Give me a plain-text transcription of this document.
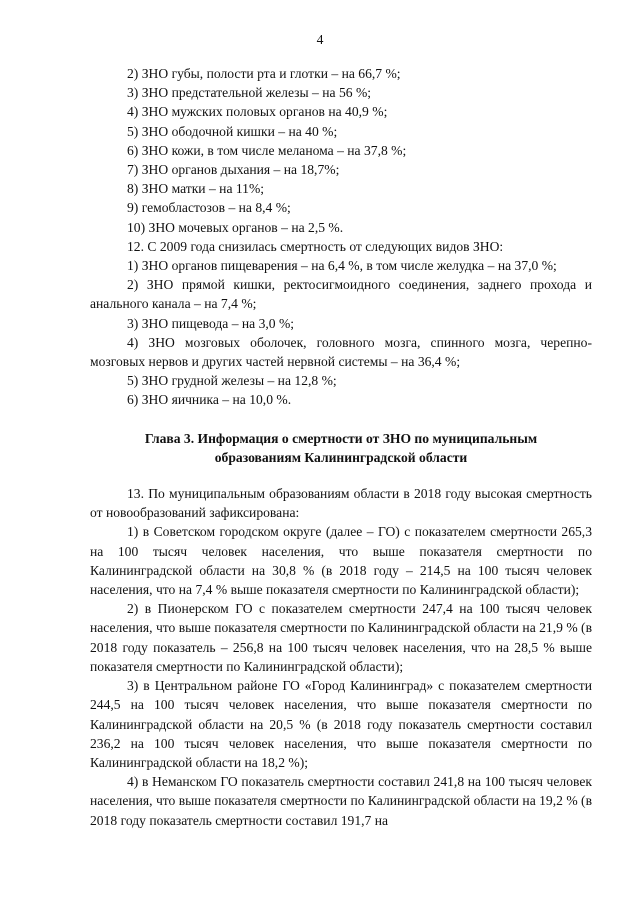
4

2) ЗНО губы, полости рта и глотки – на 66,7 %;

3) ЗНО предстательной железы – на 56 %;

4) ЗНО мужских половых органов на 40,9 %;

5) ЗНО ободочной кишки – на 40 %;

6) ЗНО кожи, в том числе меланома – на 37,8 %;

7) ЗНО органов дыхания – на 18,7%;

8) ЗНО матки – на 11%;

9) гемобластозов – на 8,4 %;

10) ЗНО мочевых органов – на 2,5 %.

12. С 2009 года снизилась смертность от следующих видов ЗНО:

1) ЗНО органов пищеварения – на 6,4 %, в том числе желудка – на 37,0 %;

2) ЗНО прямой кишки, ректосигмоидного соединения, заднего прохода и анального канала – на 7,4 %;

3) ЗНО пищевода – на 3,0 %;

4) ЗНО мозговых оболочек, головного мозга, спинного мозга, черепно-мозговых нервов и других частей нервной системы – на 36,4 %;

5) ЗНО грудной железы – на 12,8 %;

6) ЗНО яичника – на 10,0 %.

Глава 3. Информация о смертности от ЗНО по муниципальным образованиям Калининградской области

13. По муниципальным образованиям области в 2018 году высокая смертность от новообразований зафиксирована:

1) в Советском городском округе (далее – ГО) с показателем смертности 265,3 на 100 тысяч человек населения, что выше показателя смертности по Калининградской области на 30,8 % (в 2018 году – 214,5 на 100 тысяч человек населения, что на 7,4 % выше показателя смертности по Калининградской области);

2) в Пионерском ГО с показателем смертности 247,4 на 100 тысяч человек населения, что выше показателя смертности по Калининградской области на 21,9 % (в 2018 году показатель – 256,8 на 100 тысяч человек населения, что на 28,5 % выше показателя смертности по Калининградской области);

3) в Центральном районе ГО «Город Калининград» с показателем смертности 244,5 на 100 тысяч человек населения, что выше показателя смертности по Калининградской области на 20,5 % (в 2018 году показатель смертности составил 236,2 на 100 тысяч человек населения, что выше показателя смертности по Калининградской области на 18,2 %);

4) в Неманском ГО показатель смертности составил 241,8 на 100 тысяч человек населения, что выше показателя смертности по Калининградской области на 19,2 % (в 2018 году показатель смертности составил 191,7 на
